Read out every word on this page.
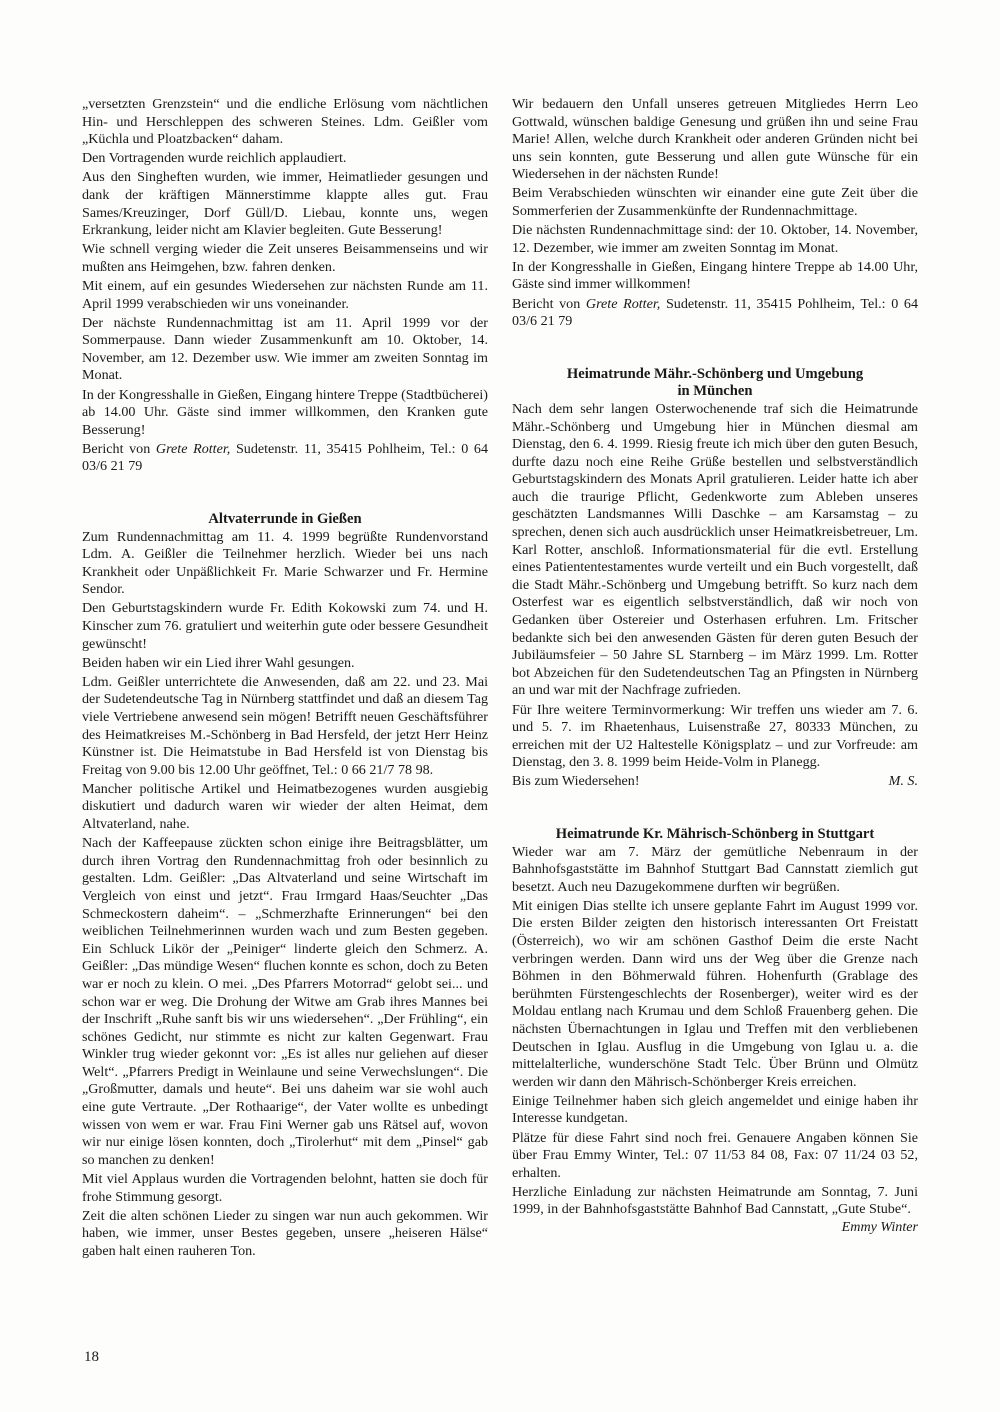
„versetzten Grenzstein“ und die endliche Erlösung vom nächtlichen Hin- und Herschleppen des schweren Steines. Ldm. Geißler vom „Küchla und Ploatzbacken“ daham.

Den Vortragenden wurde reichlich applaudiert.

Aus den Singheften wurden, wie immer, Heimatlieder gesungen und dank der kräftigen Männerstimme klappte alles gut. Frau Sames/Kreuzinger, Dorf Güll/D. Liebau, konnte uns, wegen Erkrankung, leider nicht am Klavier begleiten. Gute Besserung!

Wie schnell verging wieder die Zeit unseres Beisammenseins und wir mußten ans Heimgehen, bzw. fahren denken.

Mit einem, auf ein gesundes Wiedersehen zur nächsten Runde am 11. April 1999 verabschieden wir uns voneinander.

Der nächste Rundennachmittag ist am 11. April 1999 vor der Sommerpause. Dann wieder Zusammenkunft am 10. Oktober, 14. November, am 12. Dezember usw. Wie immer am zweiten Sonntag im Monat.

In der Kongresshalle in Gießen, Eingang hintere Treppe (Stadtbücherei) ab 14.00 Uhr. Gäste sind immer willkommen, den Kranken gute Besserung!

Bericht von Grete Rotter, Sudetenstr. 11, 35415 Pohlheim, Tel.: 0 64 03/6 21 79

Altvaterrunde in Gießen

Zum Rundennachmittag am 11. 4. 1999 begrüßte Rundenvorstand Ldm. A. Geißler die Teilnehmer herzlich. Wieder bei uns nach Krankheit oder Unpäßlichkeit Fr. Marie Schwarzer und Fr. Hermine Sendor.

Den Geburtstagskindern wurde Fr. Edith Kokowski zum 74. und H. Kinscher zum 76. gratuliert und weiterhin gute oder bessere Gesundheit gewünscht!

Beiden haben wir ein Lied ihrer Wahl gesungen.

Ldm. Geißler unterrichtete die Anwesenden, daß am 22. und 23. Mai der Sudetendeutsche Tag in Nürnberg stattfindet und daß an diesem Tag viele Vertriebene anwesend sein mögen! Betrifft neuen Geschäftsführer des Heimatkreises M.-Schönberg in Bad Hersfeld, der jetzt Herr Heinz Künstner ist. Die Heimatstube in Bad Hersfeld ist von Dienstag bis Freitag von 9.00 bis 12.00 Uhr geöffnet, Tel.: 0 66 21/7 78 98.

Mancher politische Artikel und Heimatbezogenes wurden ausgiebig diskutiert und dadurch waren wir wieder der alten Heimat, dem Altvaterland, nahe.

Nach der Kaffeepause zückten schon einige ihre Beitragsblätter, um durch ihren Vortrag den Rundennachmittag froh oder besinnlich zu gestalten. Ldm. Geißler: „Das Altvaterland und seine Wirtschaft im Vergleich von einst und jetzt“. Frau Irmgard Haas/Seuchter „Das Schmeckostern daheim“. – „Schmerzhafte Erinnerungen“ bei den weiblichen Teilnehmerinnen wurden wach und zum Besten gegeben. Ein Schluck Likör der „Peiniger“ linderte gleich den Schmerz. A. Geißler: „Das mündige Wesen“ fluchen konnte es schon, doch zu Beten war er noch zu klein. O mei. „Des Pfarrers Motorrad“ gelobt sei... und schon war er weg. Die Drohung der Witwe am Grab ihres Mannes bei der Inschrift „Ruhe sanft bis wir uns wiedersehen“. „Der Frühling“, ein schönes Gedicht, nur stimmte es nicht zur kalten Gegenwart. Frau Winkler trug wieder gekonnt vor: „Es ist alles nur geliehen auf dieser Welt“. „Pfarrers Predigt in Weinlaune und seine Verwechslungen“. Die „Großmutter, damals und heute“. Bei uns daheim war sie wohl auch eine gute Vertraute. „Der Rothaarige“, der Vater wollte es unbedingt wissen von wem er war. Frau Fini Werner gab uns Rätsel auf, wovon wir nur einige lösen konnten, doch „Tirolerhut“ mit dem „Pinsel“ gab so manchen zu denken!

Mit viel Applaus wurden die Vortragenden belohnt, hatten sie doch für frohe Stimmung gesorgt.

Zeit die alten schönen Lieder zu singen war nun auch gekommen. Wir haben, wie immer, unser Bestes gegeben, unsere „heiseren Hälse“ gaben halt einen rauheren Ton.

Wir bedauern den Unfall unseres getreuen Mitgliedes Herrn Leo Gottwald, wünschen baldige Genesung und grüßen ihn und seine Frau Marie! Allen, welche durch Krankheit oder anderen Gründen nicht bei uns sein konnten, gute Besserung und allen gute Wünsche für ein Wiedersehen in der nächsten Runde!

Beim Verabschieden wünschten wir einander eine gute Zeit über die Sommerferien der Zusammenkünfte der Rundennachmittage.

Die nächsten Rundennachmittage sind: der 10. Oktober, 14. November, 12. Dezember, wie immer am zweiten Sonntag im Monat.

In der Kongresshalle in Gießen, Eingang hintere Treppe ab 14.00 Uhr, Gäste sind immer willkommen!

Bericht von Grete Rotter, Sudetenstr. 11, 35415 Pohlheim, Tel.: 0 64 03/6 21 79

Heimatrunde Mähr.-Schönberg und Umgebung
in München

Nach dem sehr langen Osterwochenende traf sich die Heimatrunde Mähr.-Schönberg und Umgebung hier in München diesmal am Dienstag, den 6. 4. 1999. Riesig freute ich mich über den guten Besuch, durfte dazu noch eine Reihe Grüße bestellen und selbstverständlich Geburtstagskindern des Monats April gratulieren. Leider hatte ich aber auch die traurige Pflicht, Gedenkworte zum Ableben unseres geschätzten Landsmannes Willi Daschke – am Karsamstag – zu sprechen, denen sich auch ausdrücklich unser Heimatkreisbetreuer, Lm. Karl Rotter, anschloß. Informationsmaterial für die evtl. Erstellung eines Patiententestamentes wurde verteilt und ein Buch vorgestellt, daß die Stadt Mähr.-Schönberg und Umgebung betrifft. So kurz nach dem Osterfest war es eigentlich selbstverständlich, daß wir noch von Gedanken über Ostereier und Osterhasen erfuhren. Lm. Fritscher bedankte sich bei den anwesenden Gästen für deren guten Besuch der Jubiläumsfeier – 50 Jahre SL Starnberg – im März 1999. Lm. Rotter bot Abzeichen für den Sudetendeutschen Tag an Pfingsten in Nürnberg an und war mit der Nachfrage zufrieden.

Für Ihre weitere Terminvormerkung: Wir treffen uns wieder am 7. 6. und 5. 7. im Rhaetenhaus, Luisenstraße 27, 80333 München, zu erreichen mit der U2 Haltestelle Königsplatz – und zur Vorfreude: am Dienstag, den 3. 8. 1999 beim Heide-Volm in Planegg.

Bis zum Wiedersehen!	M. S.

Heimatrunde Kr. Mährisch-Schönberg in Stuttgart

Wieder war am 7. März der gemütliche Nebenraum in der Bahnhofsgaststätte im Bahnhof Stuttgart Bad Cannstatt ziemlich gut besetzt. Auch neu Dazugekommene durften wir begrüßen.

Mit einigen Dias stellte ich unsere geplante Fahrt im August 1999 vor. Die ersten Bilder zeigten den historisch interessanten Ort Freistatt (Österreich), wo wir am schönen Gasthof Deim die erste Nacht verbringen werden. Dann wird uns der Weg über die Grenze nach Böhmen in den Böhmerwald führen. Hohenfurth (Grablage des berühmten Fürstengeschlechts der Rosenberger), weiter wird es der Moldau entlang nach Krumau und dem Schloß Frauenberg gehen. Die nächsten Übernachtungen in Iglau und Treffen mit den verbliebenen Deutschen in Iglau. Ausflug in die Umgebung von Iglau u. a. die mittelalterliche, wunderschöne Stadt Telc. Über Brünn und Olmütz werden wir dann den Mährisch-Schönberger Kreis erreichen.

Einige Teilnehmer haben sich gleich angemeldet und einige haben ihr Interesse kundgetan.

Plätze für diese Fahrt sind noch frei. Genauere Angaben können Sie über Frau Emmy Winter, Tel.: 07 11/53 84 08, Fax: 07 11/24 03 52, erhalten.

Herzliche Einladung zur nächsten Heimatrunde am Sonntag, 7. Juni 1999, in der Bahnhofsgaststätte Bahnhof Bad Cannstatt, „Gute Stube“.
Emmy Winter

18
